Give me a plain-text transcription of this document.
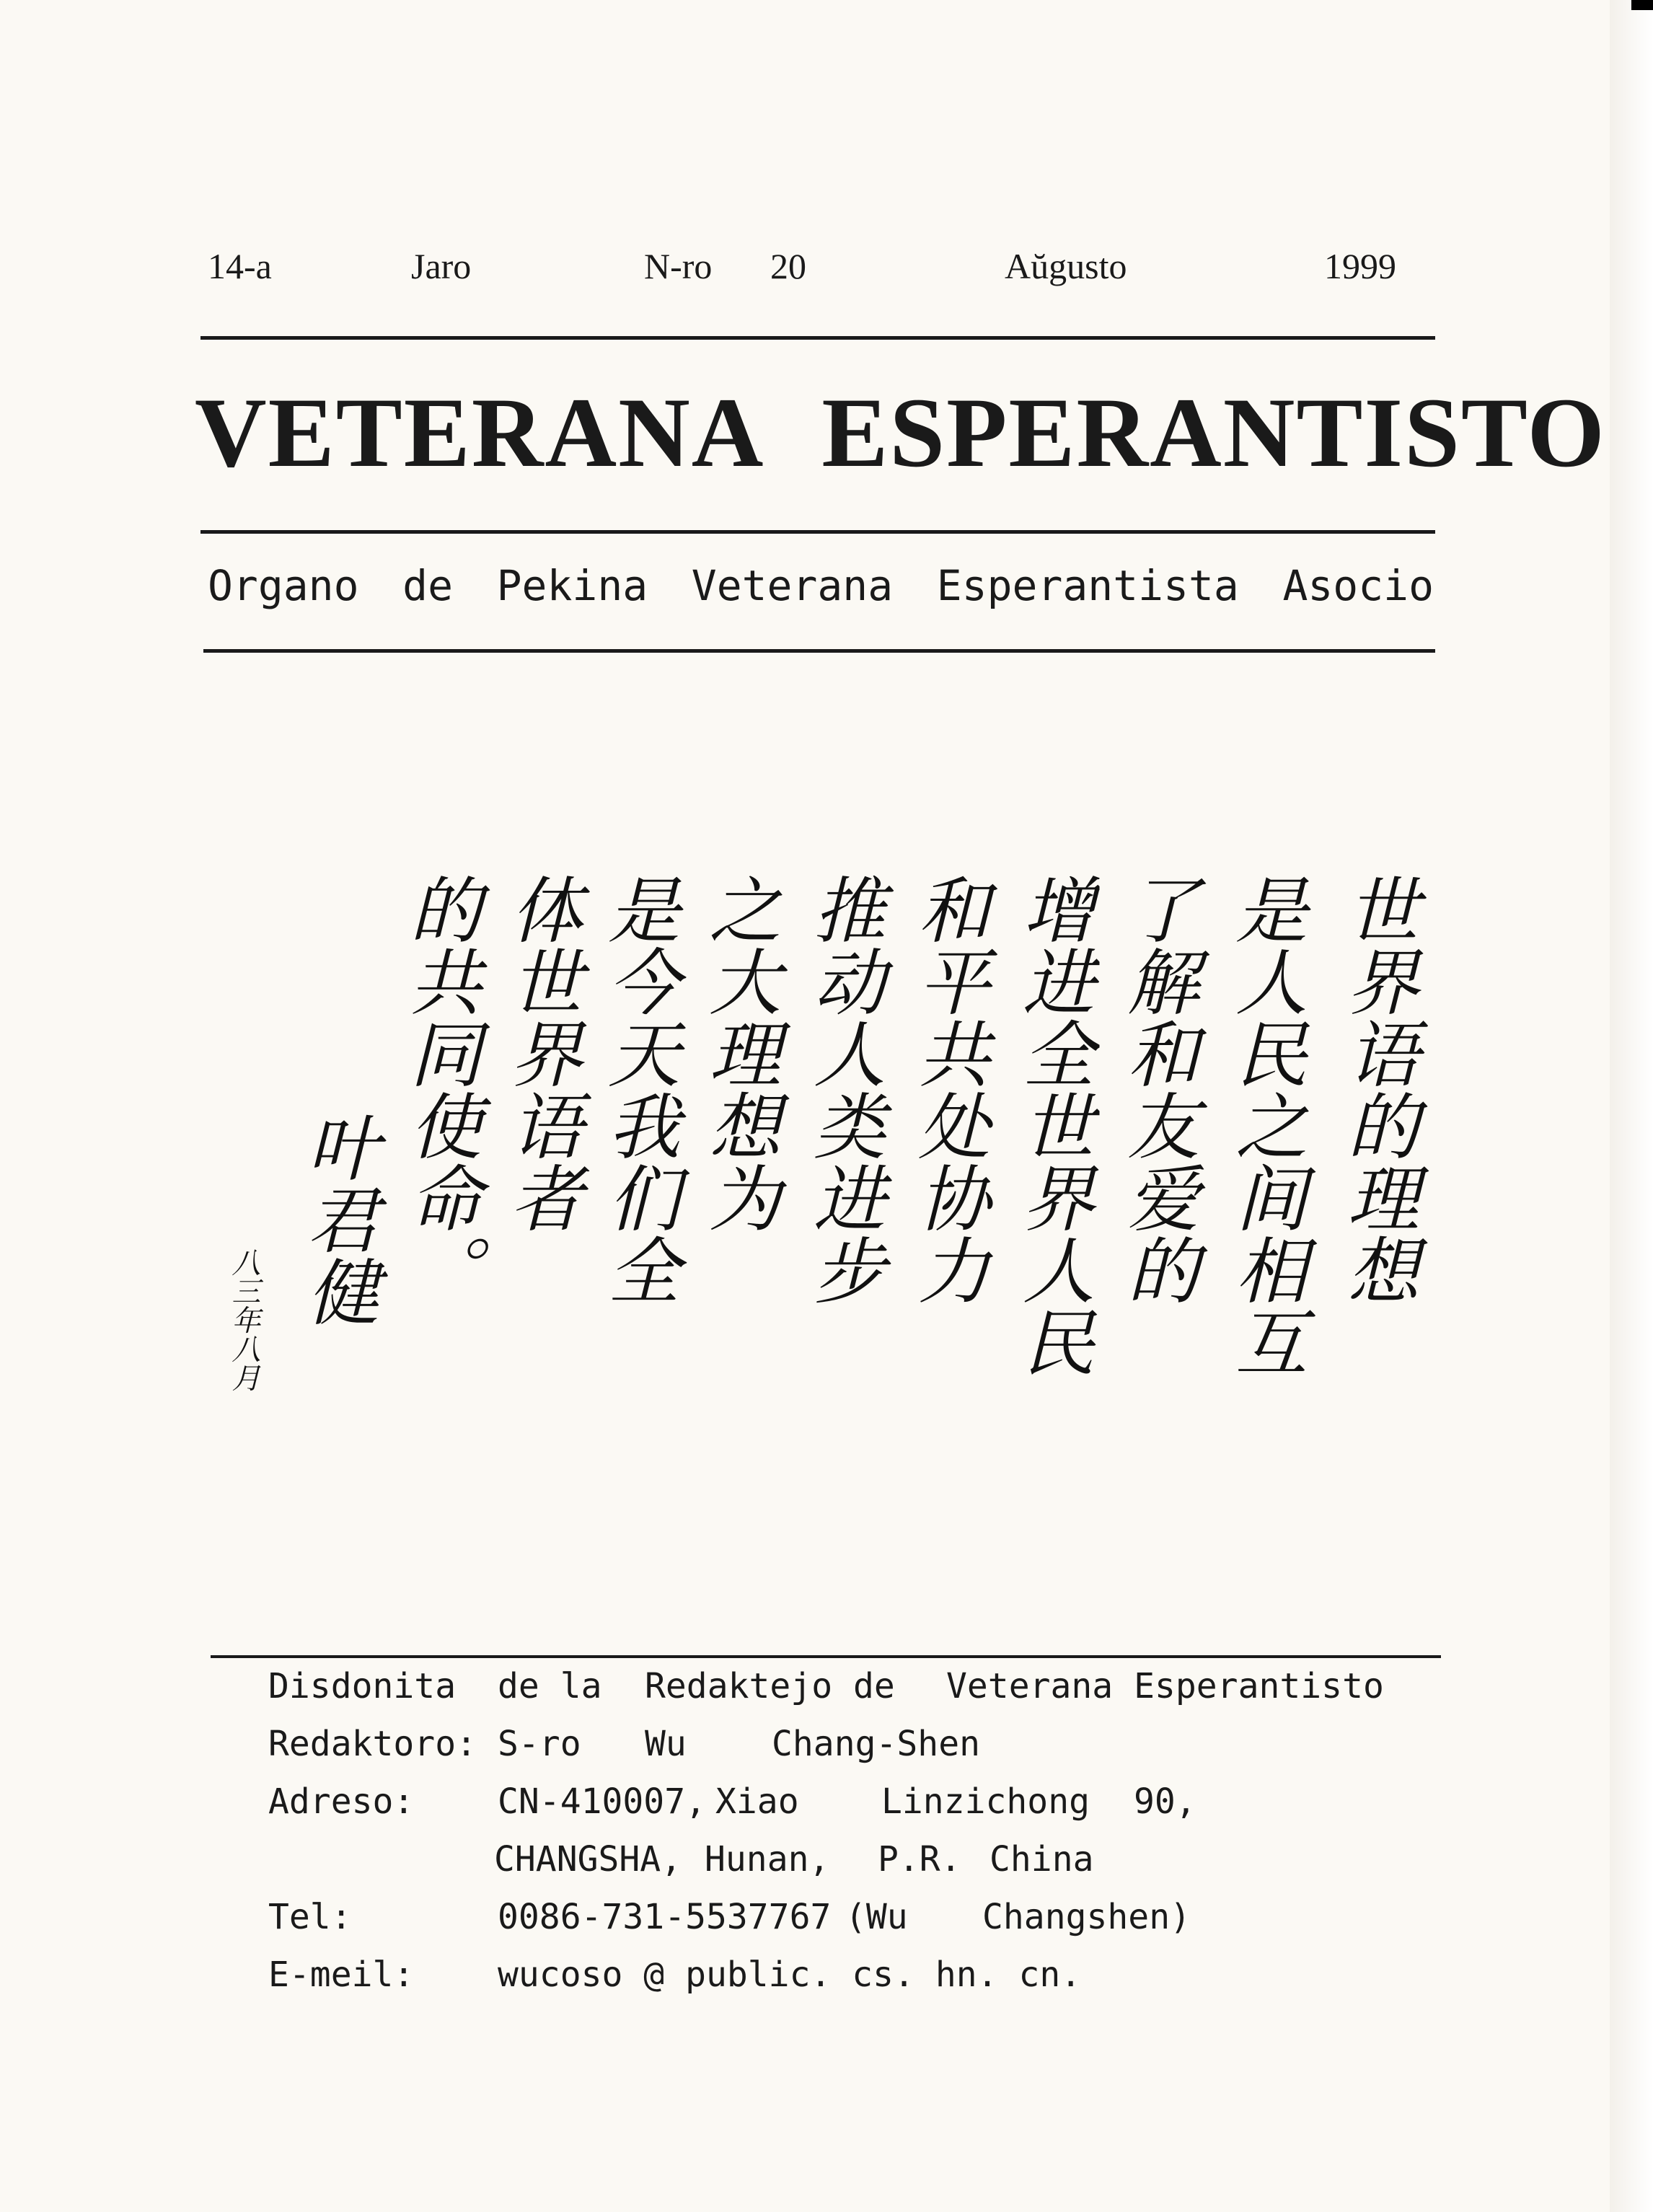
14-a	Jaro	N-ro 20	Aŭgusto	1999
VETERANA ESPERANTISTO
Organo de Pekina Veterana Esperantista Asocio
世界语的理想
是人民之间相互
了解和友爱的
增进全世界人民
和平共处协力
推动人类进步
之大理想为
是今天我们全
体世界语者
的共同使命。
叶君健
八三年八月
Disdonita de la Redaktejo de Veterana Esperantisto
Redaktoro: S-ro Wu Chang-Shen
Adreso: CN-410007, Xiao Linzichong 90,
CHANGSHA, Hunan, P.R. China
Tel:	0086-731-5537767 (Wu Changshen)
E-meil: wucoso @ public. cs. hn. cn.
